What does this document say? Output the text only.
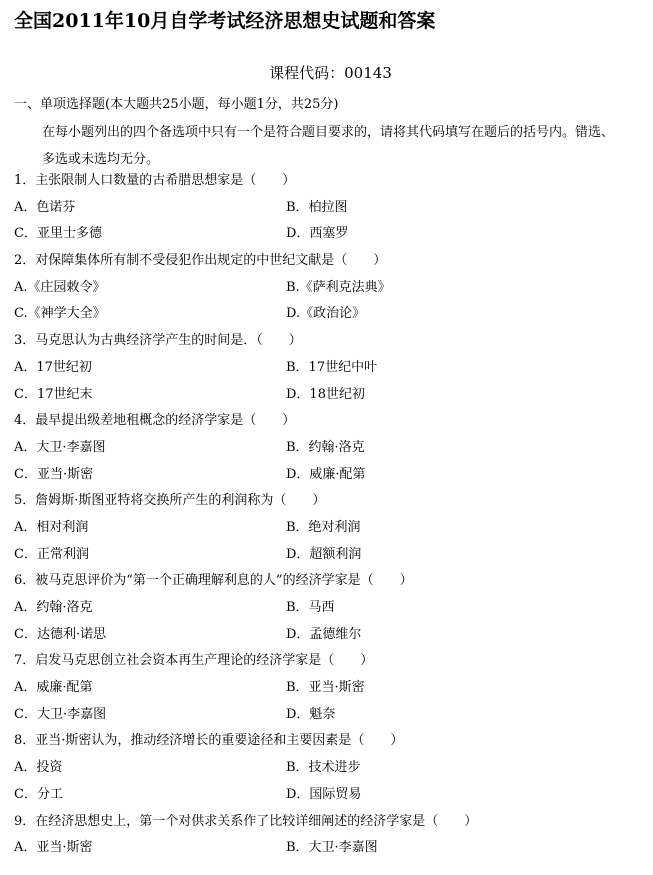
全国2011年10月自学考试经济思想史试题和答案
课程代码：00143
一、单项选择题(本大题共25小题，每小题1分，共25分)
在每小题列出的四个备选项中只有一个是符合题目要求的，请将其代码填写在题后的括号内。错选、
多选或未选均无分。
1．主张限制人口数量的古希腊思想家是（　　）
A．色诺芬	B．柏拉图
C．亚里士多德	D．西塞罗
2．对保障集体所有制不受侵犯作出规定的中世纪文献是（　　）
A.《庄园敕令》	B.《萨利克法典》
C.《神学大全》	D.《政治论》
3．马克思认为古典经济学产生的时间是．（　　）
A．17世纪初	B．17世纪中叶
C．17世纪末	D．18世纪初
4．最早提出级差地租概念的经济学家是（　　）
A．大卫·李嘉图	B．约翰·洛克
C．亚当·斯密	D．威廉·配第
5．詹姆斯·斯图亚特将交换所产生的利润称为（　　）
A．相对利润	B．绝对利润
C．正常利润	D．超额利润
6．被马克思评价为“第一个正确理解利息的人”的经济学家是（　　）
A．约翰·洛克	B．马西
C．达德利·诺思	D．孟德维尔
7．启发马克思创立社会资本再生产理论的经济学家是（　　）
A．威廉·配第	B．亚当·斯密
C．大卫·李嘉图	D．魁奈
8．亚当·斯密认为，推动经济增长的重要途径和主要因素是（　　）
A．投资	B．技术进步
C．分工	D．国际贸易
9．在经济思想史上，第一个对供求关系作了比较详细阐述的经济学家是（　　）
A．亚当·斯密	B．大卫·李嘉图
